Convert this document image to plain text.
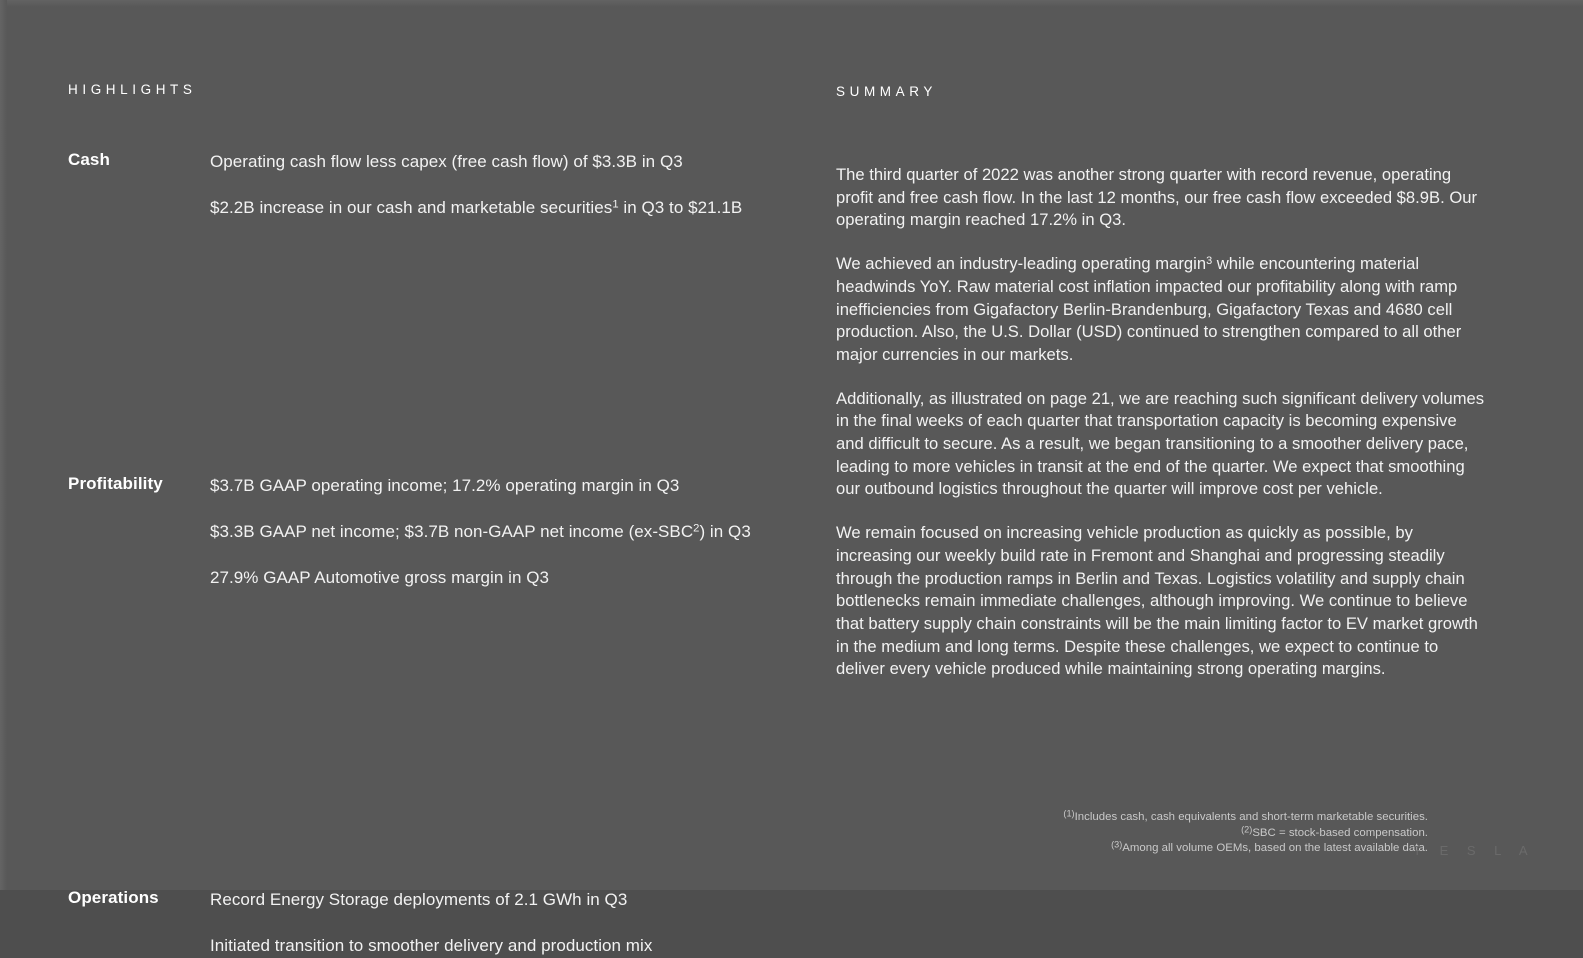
HIGHLIGHTS	SUMMARY
Cash	Operating cash flow less capex (free cash flow) of $3.3B in Q3
$2.2B increase in our cash and marketable securities$^1$ in Q3 to $21.1B
Profitability	$3.7B GAAP operating income; 17.2% operating margin in Q3
$3.3B GAAP net income; $3.7B non-GAAP net income (ex-SBC$^2$) in Q3
27.9% GAAP Automotive gross margin in Q3
Operations	Record Energy Storage deployments of 2.1 GWh in Q3
Initiated transition to smoother delivery and production mix

The third quarter of 2022 was another strong quarter with record revenue, operating profit and free cash flow. In the last 12 months, our free cash flow exceeded $8.9B. Our operating margin reached 17.2% in Q3.

We achieved an industry-leading operating margin$^3$ while encountering material headwinds YoY. Raw material cost inflation impacted our profitability along with ramp inefficiencies from Gigafactory Berlin-Brandenburg, Gigafactory Texas and 4680 cell production. Also, the U.S. Dollar (USD) continued to strengthen compared to all other major currencies in our markets.

Additionally, as illustrated on page 21, we are reaching such significant delivery volumes in the final weeks of each quarter that transportation capacity is becoming expensive and difficult to secure. As a result, we began transitioning to a smoother delivery pace, leading to more vehicles in transit at the end of the quarter. We expect that smoothing our outbound logistics throughout the quarter will improve cost per vehicle.

We remain focused on increasing vehicle production as quickly as possible, by increasing our weekly build rate in Fremont and Shanghai and progressing steadily through the production ramps in Berlin and Texas. Logistics volatility and supply chain bottlenecks remain immediate challenges, although improving. We continue to believe that battery supply chain constraints will be the main limiting factor to EV market growth in the medium and long terms. Despite these challenges, we expect to continue to deliver every vehicle produced while maintaining strong operating margins.

$^{(1)}$Includes cash, cash equivalents and short-term marketable securities.
$^{(2)}$SBC = stock-based compensation.
$^{(3)}$Among all volume OEMs, based on the latest available data.
T E S L A
